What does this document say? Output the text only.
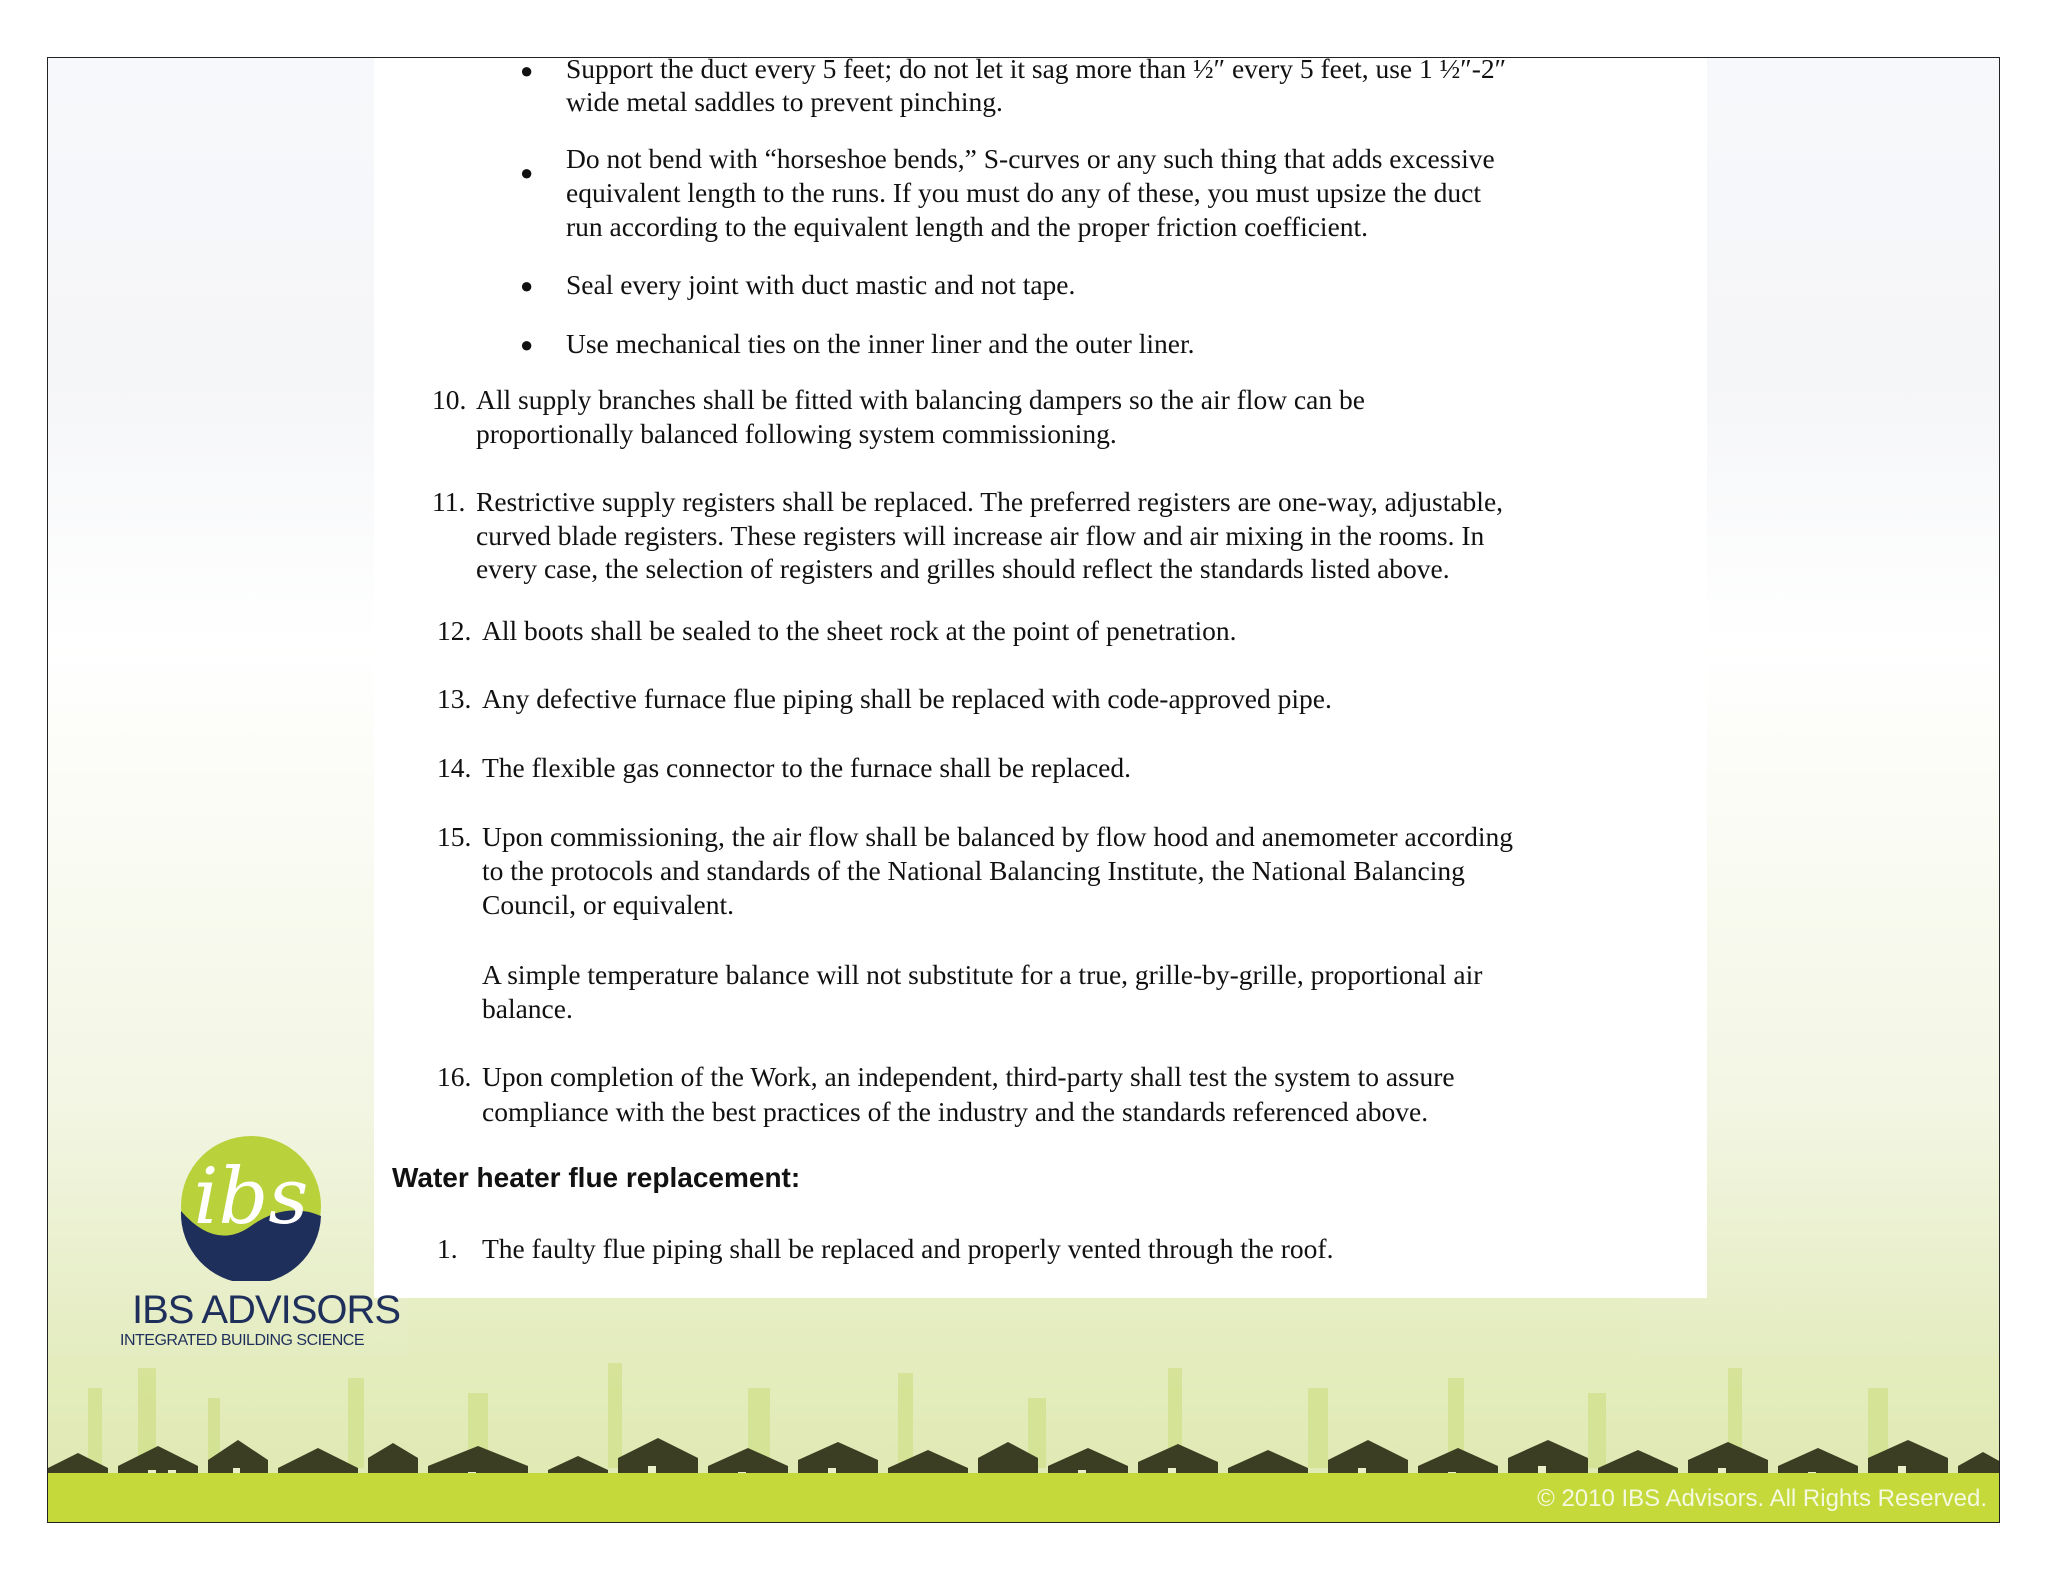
● Support the duct every 5 feet; do not let it sag more than ½″ every 5 feet, use 1 ½″-2″
wide metal saddles to prevent pinching.
● Do not bend with “horseshoe bends,” S-curves or any such thing that adds excessive
equivalent length to the runs. If you must do any of these, you must upsize the duct
run according to the equivalent length and the proper friction coefficient.
● Seal every joint with duct mastic and not tape.
● Use mechanical ties on the inner liner and the outer liner.
10. All supply branches shall be fitted with balancing dampers so the air flow can be
proportionally balanced following system commissioning.
11. Restrictive supply registers shall be replaced. The preferred registers are one-way, adjustable,
curved blade registers. These registers will increase air flow and air mixing in the rooms. In
every case, the selection of registers and grilles should reflect the standards listed above.
12. All boots shall be sealed to the sheet rock at the point of penetration.
13. Any defective furnace flue piping shall be replaced with code-approved pipe.
14. The flexible gas connector to the furnace shall be replaced.
15. Upon commissioning, the air flow shall be balanced by flow hood and anemometer according
to the protocols and standards of the National Balancing Institute, the National Balancing
Council, or equivalent.
A simple temperature balance will not substitute for a true, grille-by-grille, proportional air
balance.
16. Upon completion of the Work, an independent, third-party shall test the system to assure
compliance with the best practices of the industry and the standards referenced above.
Water heater flue replacement:
1. The faulty flue piping shall be replaced and properly vented through the roof.
ibs
IBS ADVISORS
INTEGRATED BUILDING SCIENCE
© 2010 IBS Advisors. All Rights Reserved.
